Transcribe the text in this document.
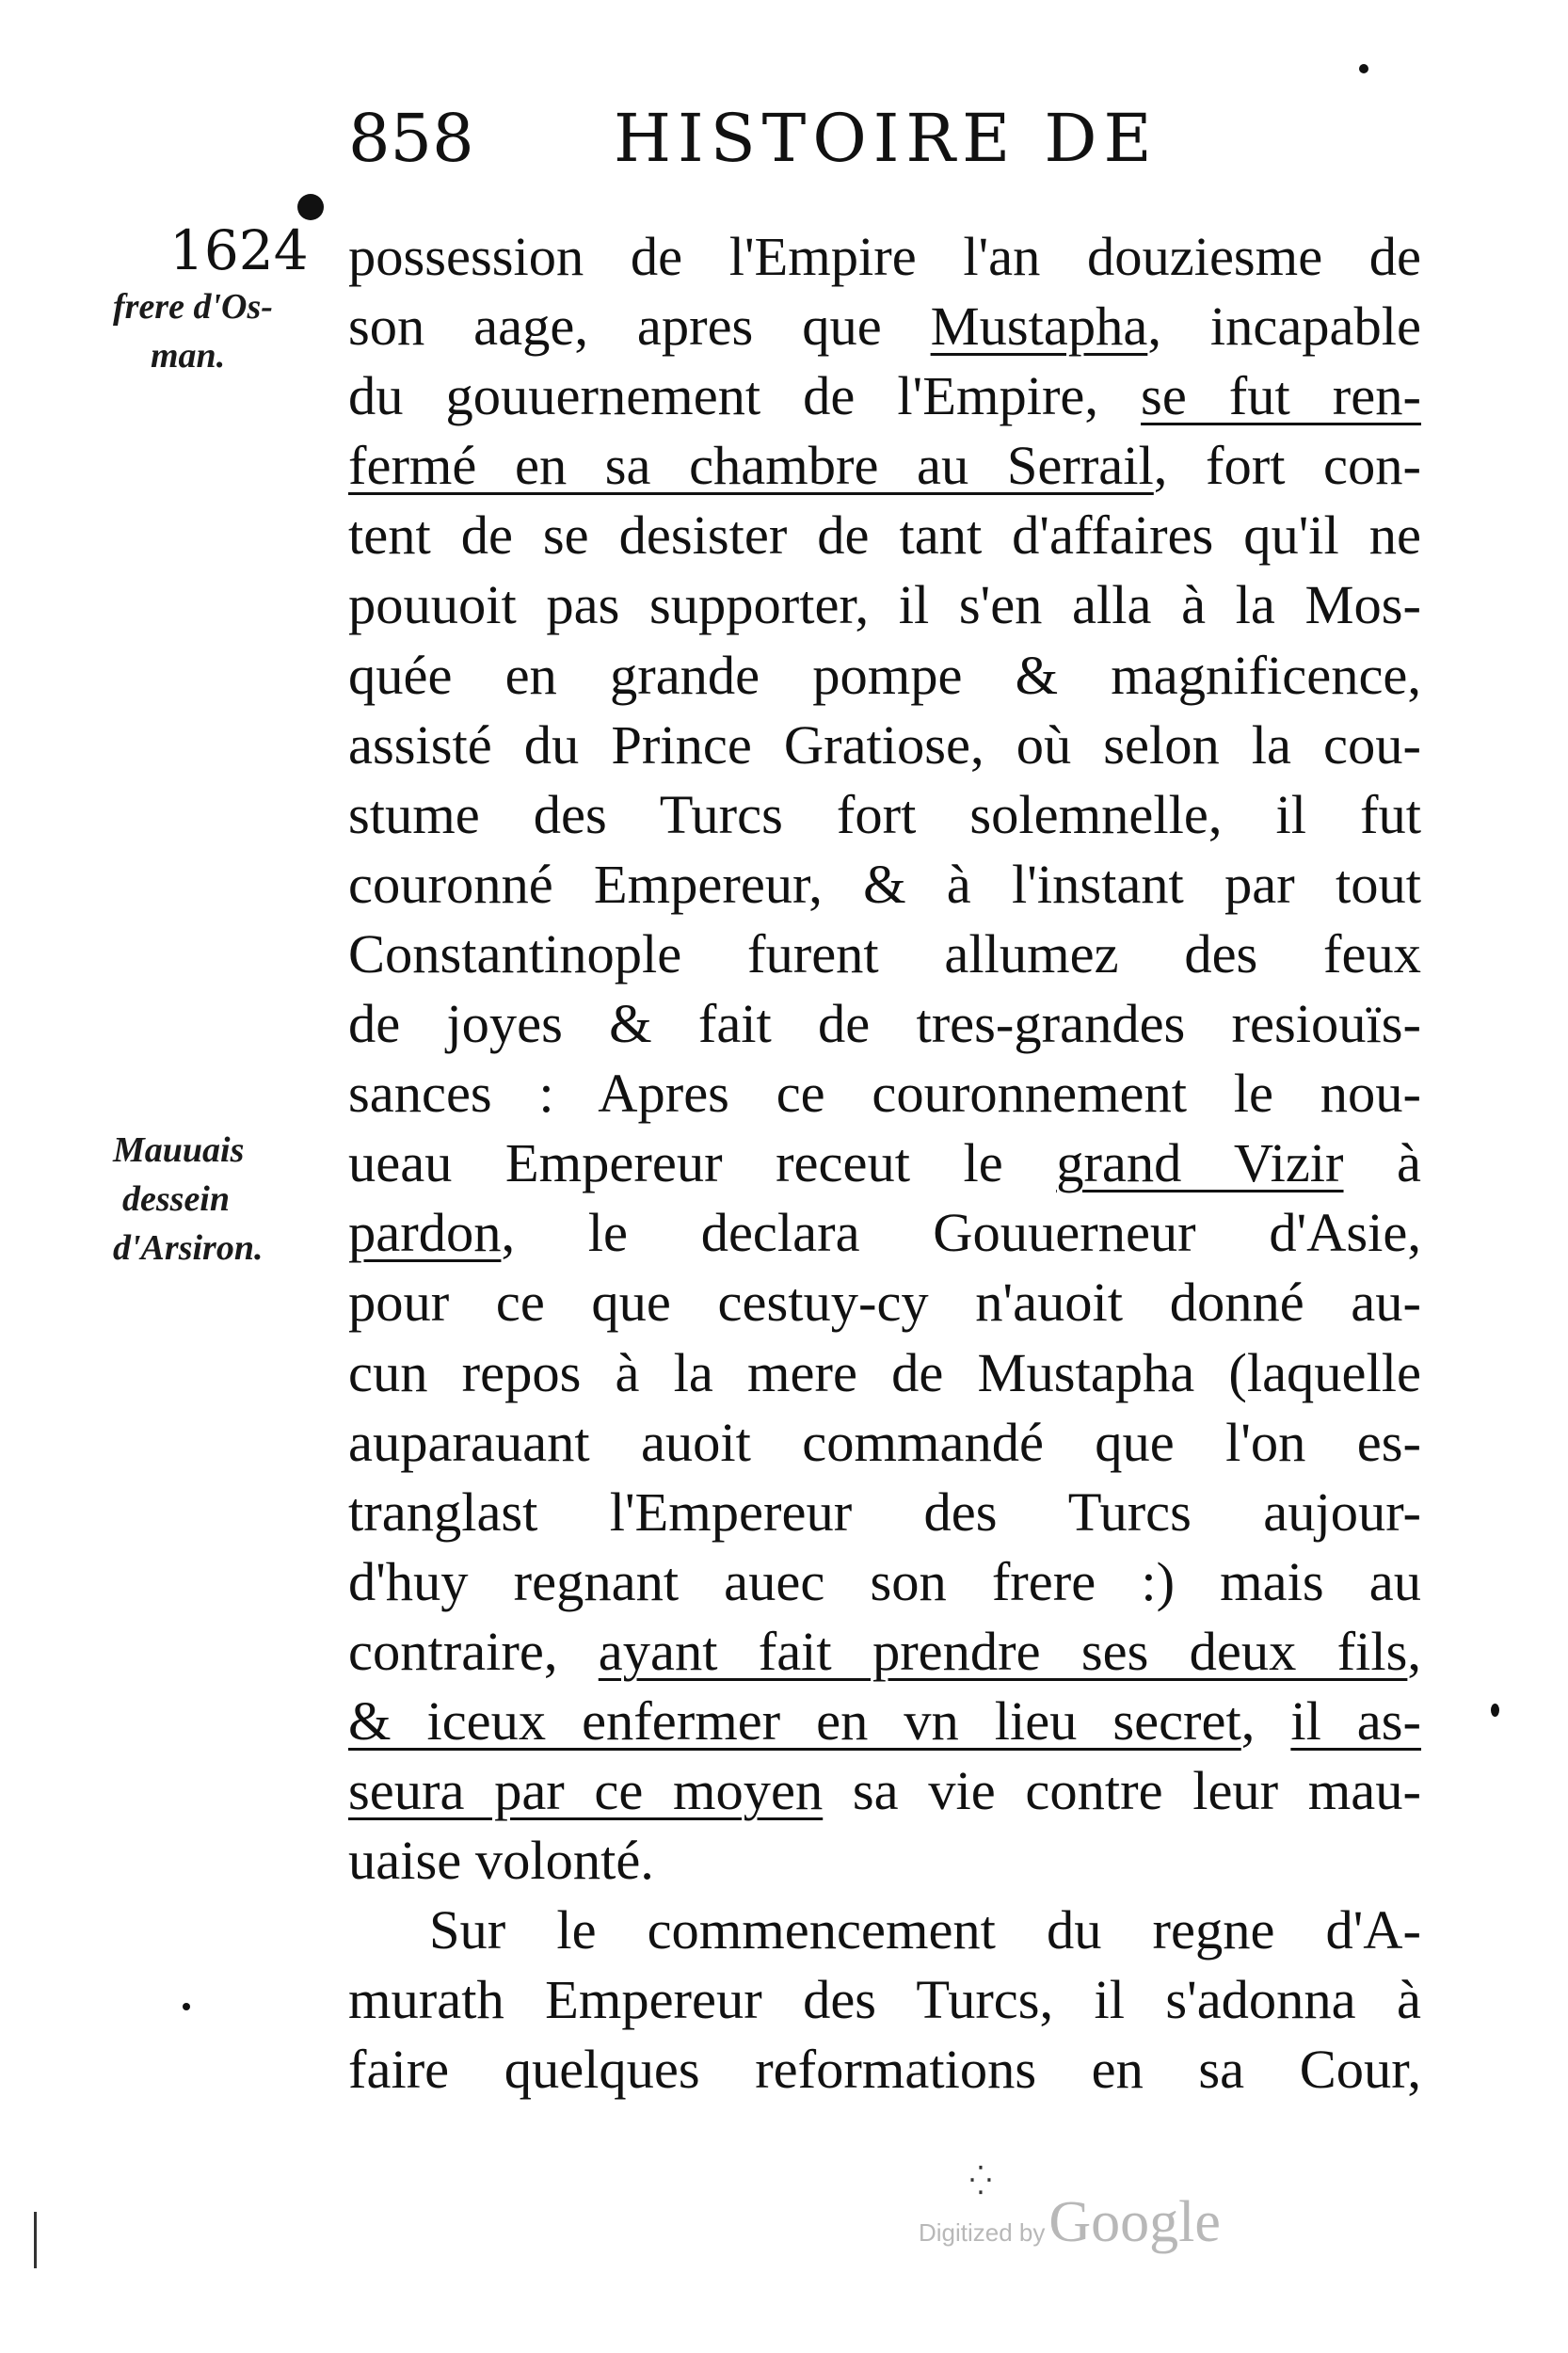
858 HISTOIRE DE
1624
frere d'Os-
man.
Mauuais
dessein
d'Arsiron.
possession de l'Empire l'an douziesme de
son aage, apres que Mustapha, incapable
du gouuernement de l'Empire, se fut ren-
fermé en sa chambre au Serrail, fort con-
tent de se desister de tant d'affaires qu'il ne
pouuoit pas supporter, il s'en alla à la Mos-
quée en grande pompe & magnificence,
assisté du Prince Gratiose, où selon la cou-
stume des Turcs fort solemnelle, il fut
couronné Empereur, & à l'instant par tout
Constantinople furent allumez des feux
de joyes & fait de tres-grandes resiouïs-
sances : Apres ce couronnement le nou-
ueau Empereur receut le grand Vizir à
pardon, le declara Gouuerneur d'Asie,
pour ce que cestuy-cy n'auoit donné au-
cun repos à la mere de Mustapha (laquelle
auparauant auoit commandé que l'on es-
tranglast l'Empereur des Turcs aujour-
d'huy regnant auec son frere :) mais au
contraire, ayant fait prendre ses deux fils,
& iceux enfermer en vn lieu secret, il as-
seura par ce moyen sa vie contre leur mau-
uaise volonté.
Sur le commencement du regne d'A-
murath Empereur des Turcs, il s'adonna à
faire quelques reformations en sa Cour,
⁛
Digitized by Google
